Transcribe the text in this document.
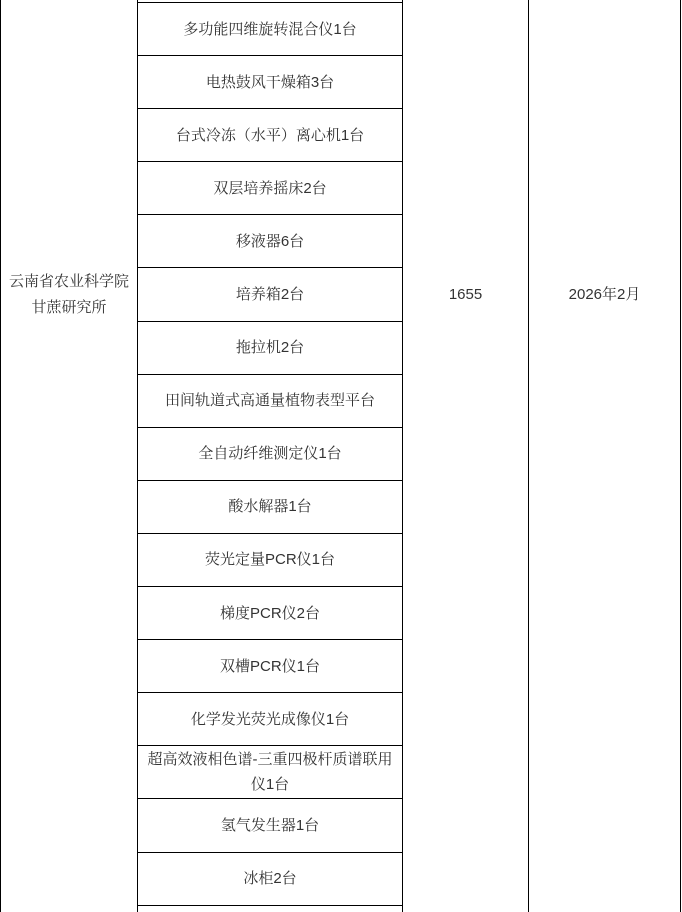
云南省农业科学院甘蔗研究所
多功能四维旋转混合仪1台
电热鼓风干燥箱3台
台式冷冻（水平）离心机1台
双层培养摇床2台
移液器6台
培养箱2台
拖拉机2台
田间轨道式高通量植物表型平台
全自动纤维测定仪1台
酸水解器1台
荧光定量PCR仪1台
梯度PCR仪2台
双槽PCR仪1台
化学发光荧光成像仪1台
超高效液相色谱-三重四极杆质谱联用仪1台
氢气发生器1台
冰柜2台
1655	2026年2月
